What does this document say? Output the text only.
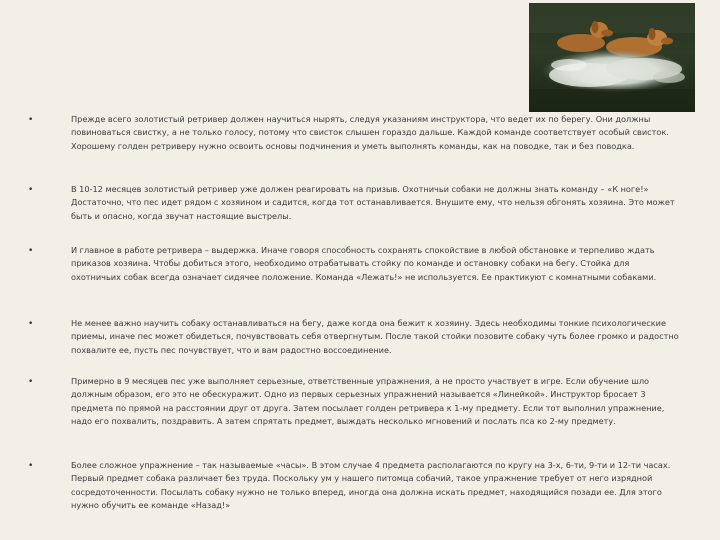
•	Прежде всего золотистый ретривер должен научиться нырять, следуя указаниям инструктора, что ведет их по берегу. Они должны повиноваться свистку, а не только голосу, потому что свисток слышен гораздо дальше. Каждой команде соответствует особый свисток. Хорошему голден ретриверу нужно освоить основы подчинения и уметь выполнять команды, как на поводке, так и без поводка.
•	В 10-12 месяцев золотистый ретривер уже должен реагировать на призыв. Охотничьи собаки не должны знать команду – «К ноге!» Достаточно, что пес идет рядом с хозяином и садится, когда тот останавливается. Внушите ему, что нельзя обгонять хозяина. Это может быть и опасно, когда звучат настоящие выстрелы.
•	И главное в работе ретривера – выдержка. Иначе говоря способность сохранять спокойствие в любой обстановке и терпеливо ждать приказов хозяина. Чтобы добиться этого, необходимо отрабатывать стойку по команде и остановку собаки на бегу. Стойка для охотничьих собак всегда означает сидячее положение. Команда «Лежать!» не используется. Ее практикуют с комнатными собаками.
•	Не менее важно научить собаку останавливаться на бегу, даже когда она бежит к хозяину. Здесь необходимы тонкие психологические приемы, иначе пес может обидеться, почувствовать себя отвергнутым. После такой стойки позовите собаку чуть более громко и радостно похвалите ее, пусть пес почувствует, что и вам радостно воссоединение.
•	Примерно в 9 месяцев пес уже выполняет серьезные, ответственные упражнения, а не просто участвует в игре. Если обучение шло должным образом, его это не обескуражит. Одно из первых серьезных упражнений называется «Линейкой». Инструктор бросает 3 предмета по прямой на расстоянии друг от друга. Затем посылает голден ретривера к 1-му предмету. Если тот выполнил упражнение, надо его похвалить, поздравить. А затем спрятать предмет, выждать несколько мгновений и послать пса ко 2-му предмету.
•	Более сложное упражнение – так называемые «часы». В этом случае 4 предмета располагаются по кругу на 3-х, 6-ти, 9-ти и 12-ти часах. Первый предмет собака различает без труда. Поскольку ум у нашего питомца собачий, такое упражнение требует от него изрядной сосредоточенности. Посылать собаку нужно не только вперед, иногда она должна искать предмет, находящийся позади ее. Для этого нужно обучить ее команде «Назад!»
